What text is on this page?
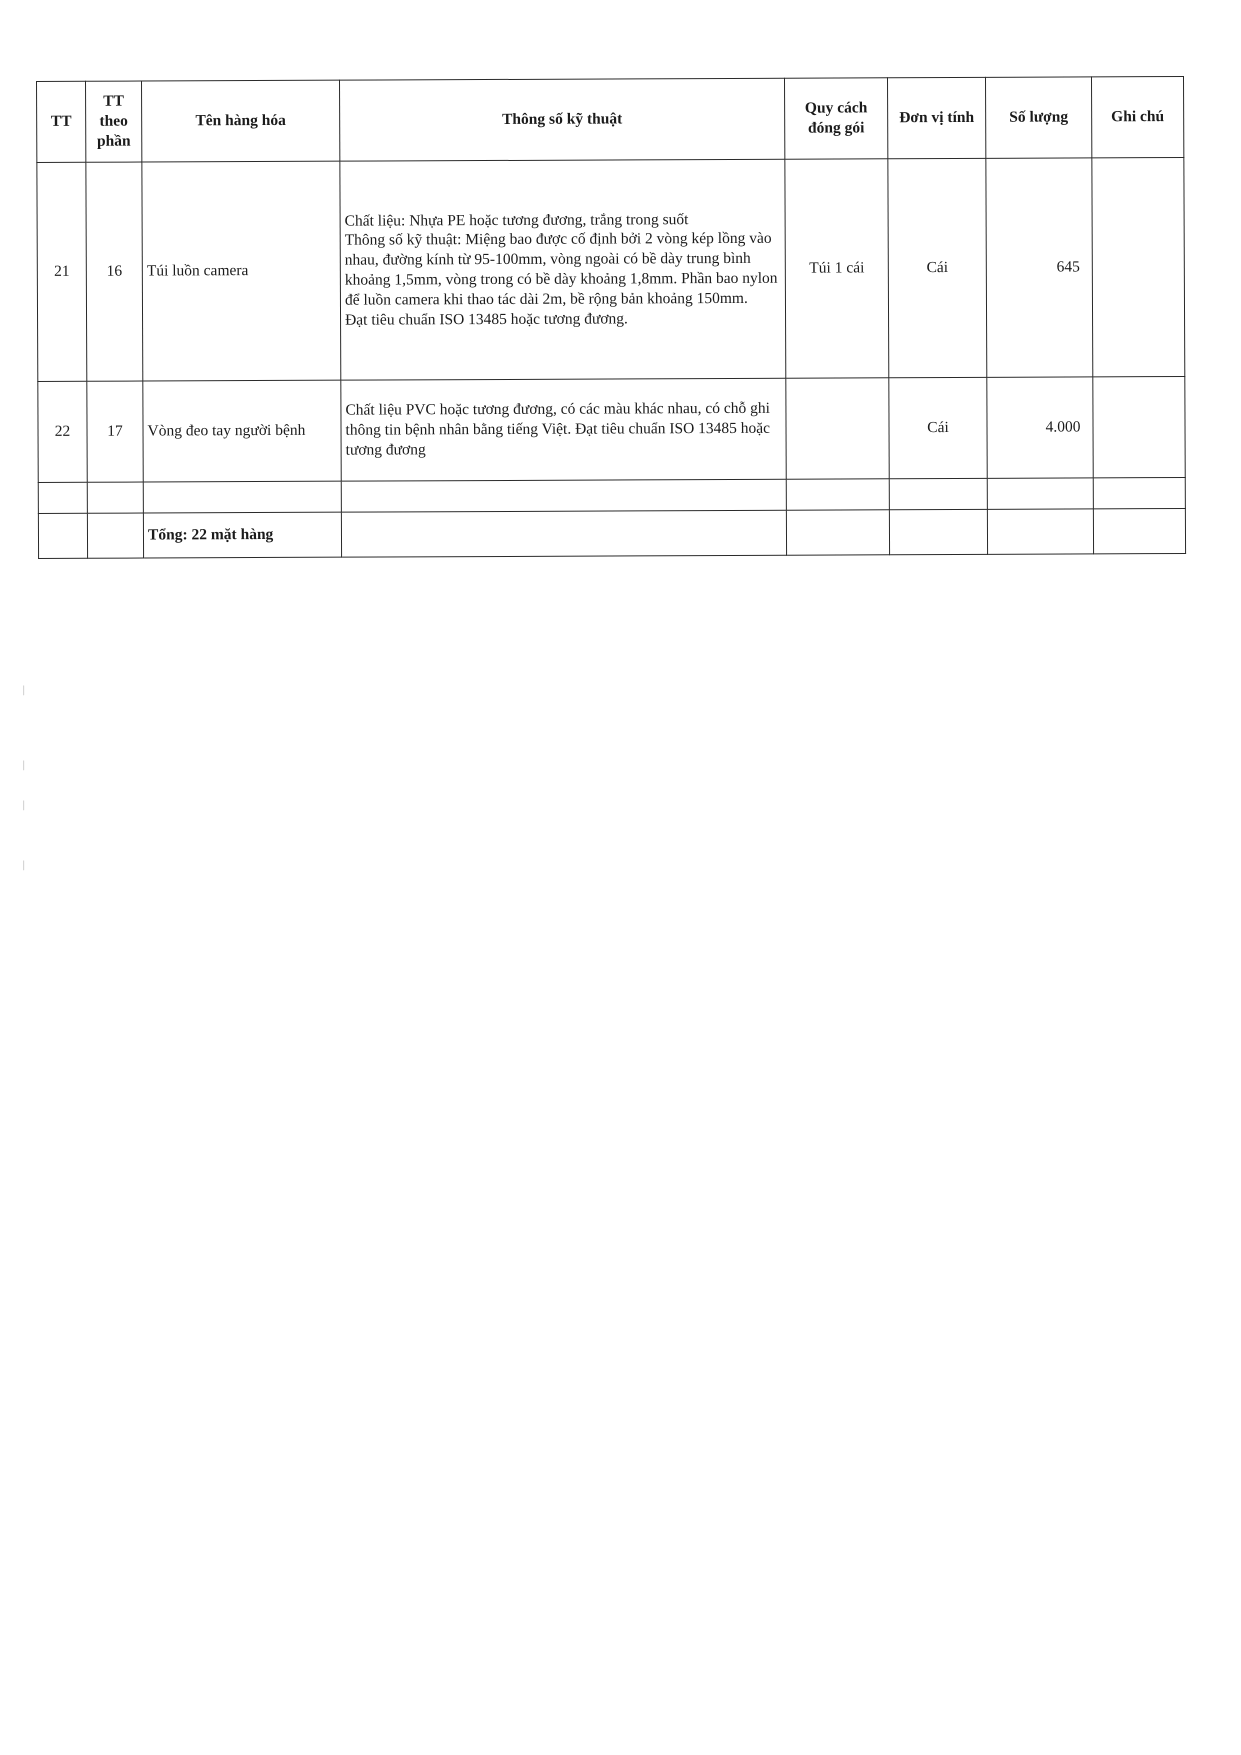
TT	TT theo phần	Tên hàng hóa	Thông số kỹ thuật	Quy cách đóng gói	Đơn vị tính	Số lượng	Ghi chú
21	16	Túi luồn camera	Chất liệu: Nhựa PE hoặc tương đương, trắng trong suốt
Thông số kỹ thuật: Miệng bao được cố định bởi 2 vòng kép lồng vào nhau, đường kính từ 95-100mm, vòng ngoài có bề dày trung bình khoảng 1,5mm, vòng trong có bề dày khoảng 1,8mm. Phần bao nylon để luồn camera khi thao tác dài 2m, bề rộng bản khoảng 150mm.
Đạt tiêu chuẩn ISO 13485 hoặc tương đương.	Túi 1 cái	Cái	645	
22	17	Vòng đeo tay người bệnh	Chất liệu PVC hoặc tương đương, có các màu khác nhau, có chỗ ghi thông tin bệnh nhân bằng tiếng Việt. Đạt tiêu chuẩn ISO 13485 hoặc tương đương		Cái	4.000	

		Tổng: 22 mặt hàng					
|
|
|
|
